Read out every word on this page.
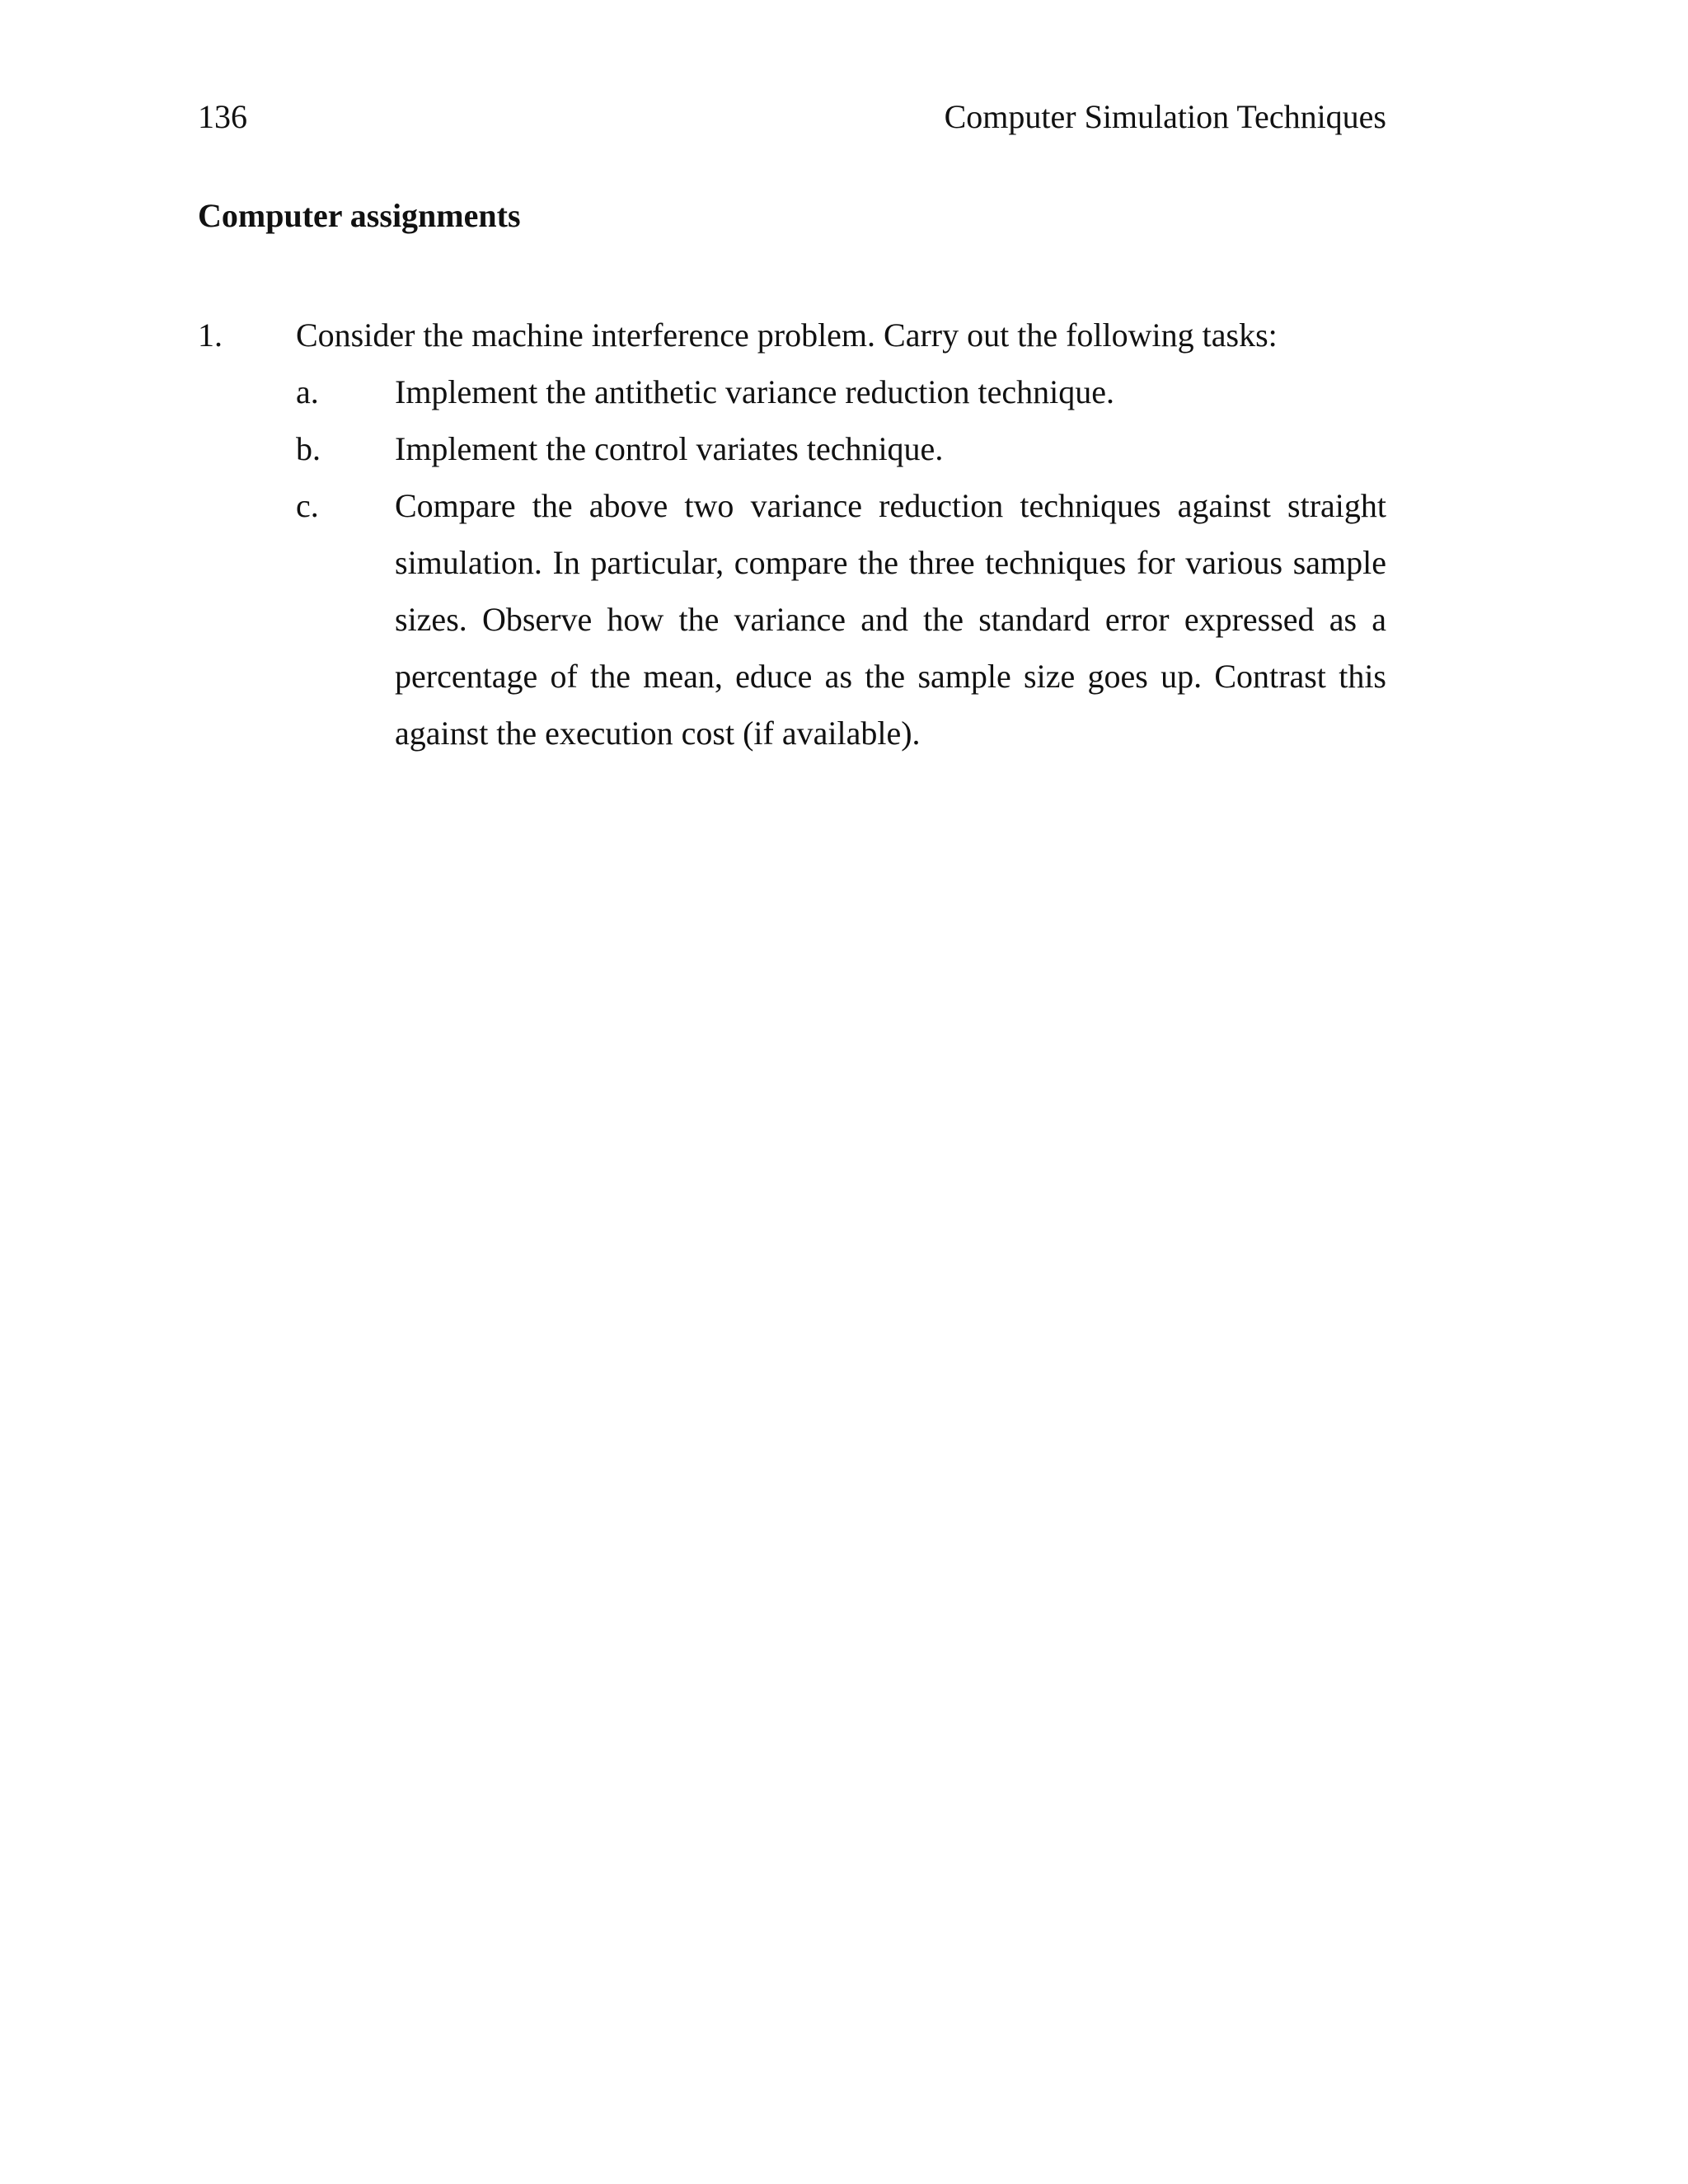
136	Computer Simulation Techniques
Computer assignments
1.	Consider the machine interference problem. Carry out the following tasks:
a.	Implement the antithetic variance reduction technique.
b.	Implement the control variates technique.
c.	Compare the above two variance reduction techniques against straight simulation. In particular, compare the three techniques for various sample sizes. Observe how the variance and the standard error expressed as a percentage of the mean, educe as the sample size goes up. Contrast this against the execution cost (if available).
